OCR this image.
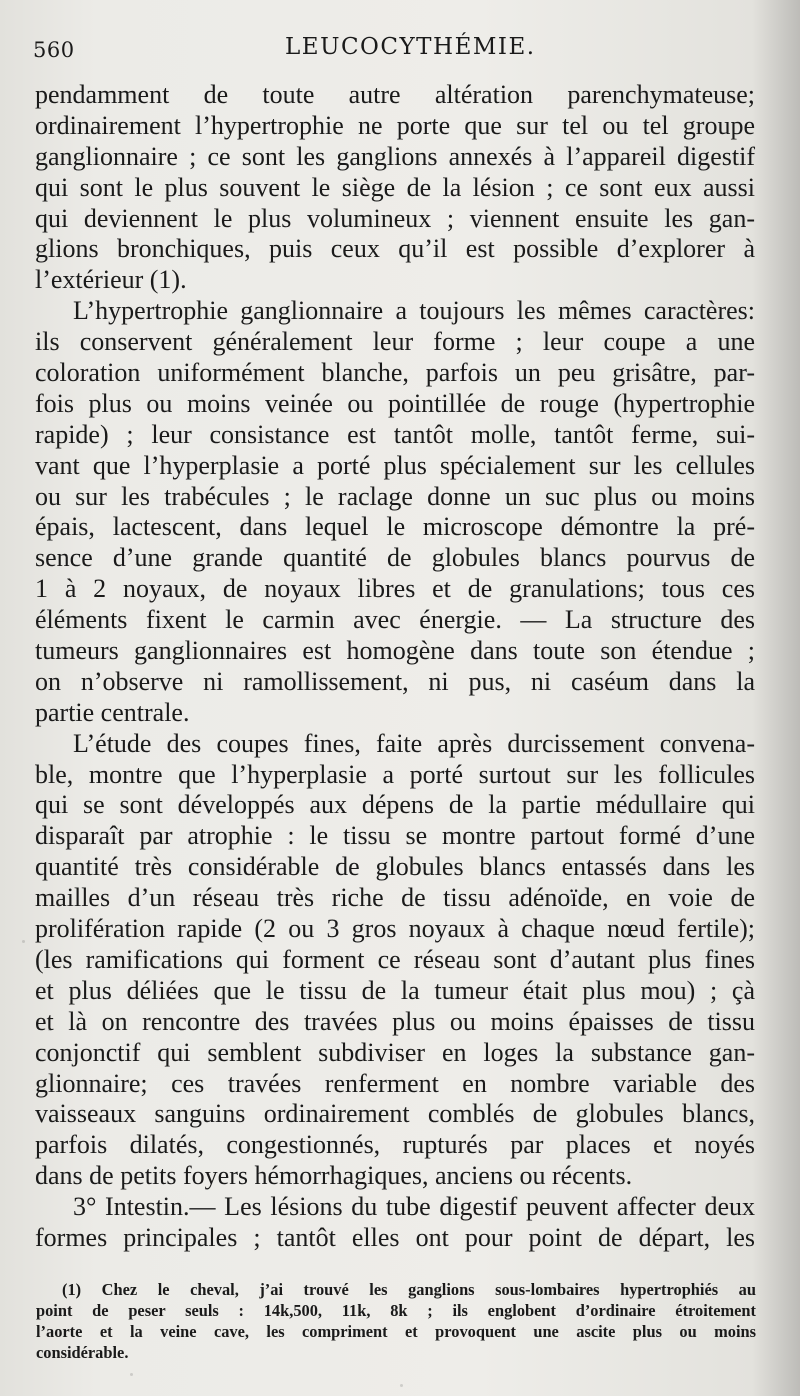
560	LEUCOCYTHÉMIE.
pendamment de toute autre altération parenchymateuse;
ordinairement l’hypertrophie ne porte que sur tel ou tel groupe
ganglionnaire ; ce sont les ganglions annexés à l’appareil digestif
qui sont le plus souvent le siège de la lésion ; ce sont eux aussi
qui deviennent le plus volumineux ; viennent ensuite les gan-
glions bronchiques, puis ceux qu’il est possible d’explorer à
l’extérieur (1).
L’hypertrophie ganglionnaire a toujours les mêmes caractères:
ils conservent généralement leur forme ; leur coupe a une
coloration uniformément blanche, parfois un peu grisâtre, par-
fois plus ou moins veinée ou pointillée de rouge (hypertrophie
rapide) ; leur consistance est tantôt molle, tantôt ferme, sui-
vant que l’hyperplasie a porté plus spécialement sur les cellules
ou sur les trabécules ; le raclage donne un suc plus ou moins
épais, lactescent, dans lequel le microscope démontre la pré-
sence d’une grande quantité de globules blancs pourvus de
1 à 2 noyaux, de noyaux libres et de granulations; tous ces
éléments fixent le carmin avec énergie. — La structure des
tumeurs ganglionnaires est homogène dans toute son étendue ;
on n’observe ni ramollissement, ni pus, ni caséum dans la
partie centrale.
L’étude des coupes fines, faite après durcissement convena-
ble, montre que l’hyperplasie a porté surtout sur les follicules
qui se sont développés aux dépens de la partie médullaire qui
disparaît par atrophie : le tissu se montre partout formé d’une
quantité très considérable de globules blancs entassés dans les
mailles d’un réseau très riche de tissu adénoïde, en voie de
prolifération rapide (2 ou 3 gros noyaux à chaque nœud fertile);
(les ramifications qui forment ce réseau sont d’autant plus fines
et plus déliées que le tissu de la tumeur était plus mou) ; çà
et là on rencontre des travées plus ou moins épaisses de tissu
conjonctif qui semblent subdiviser en loges la substance gan-
glionnaire; ces travées renferment en nombre variable des
vaisseaux sanguins ordinairement comblés de globules blancs,
parfois dilatés, congestionnés, rupturés par places et noyés
dans de petits foyers hémorrhagiques, anciens ou récents.
3° Intestin.— Les lésions du tube digestif peuvent affecter deux
formes principales ; tantôt elles ont pour point de départ, les
(1) Chez le cheval, j’ai trouvé les ganglions sous-lombaires hypertrophiés au
point de peser seuls : 14k,500, 11k, 8k ; ils englobent d’ordinaire étroitement
l’aorte et la veine cave, les compriment et provoquent une ascite plus ou moins
considérable.
